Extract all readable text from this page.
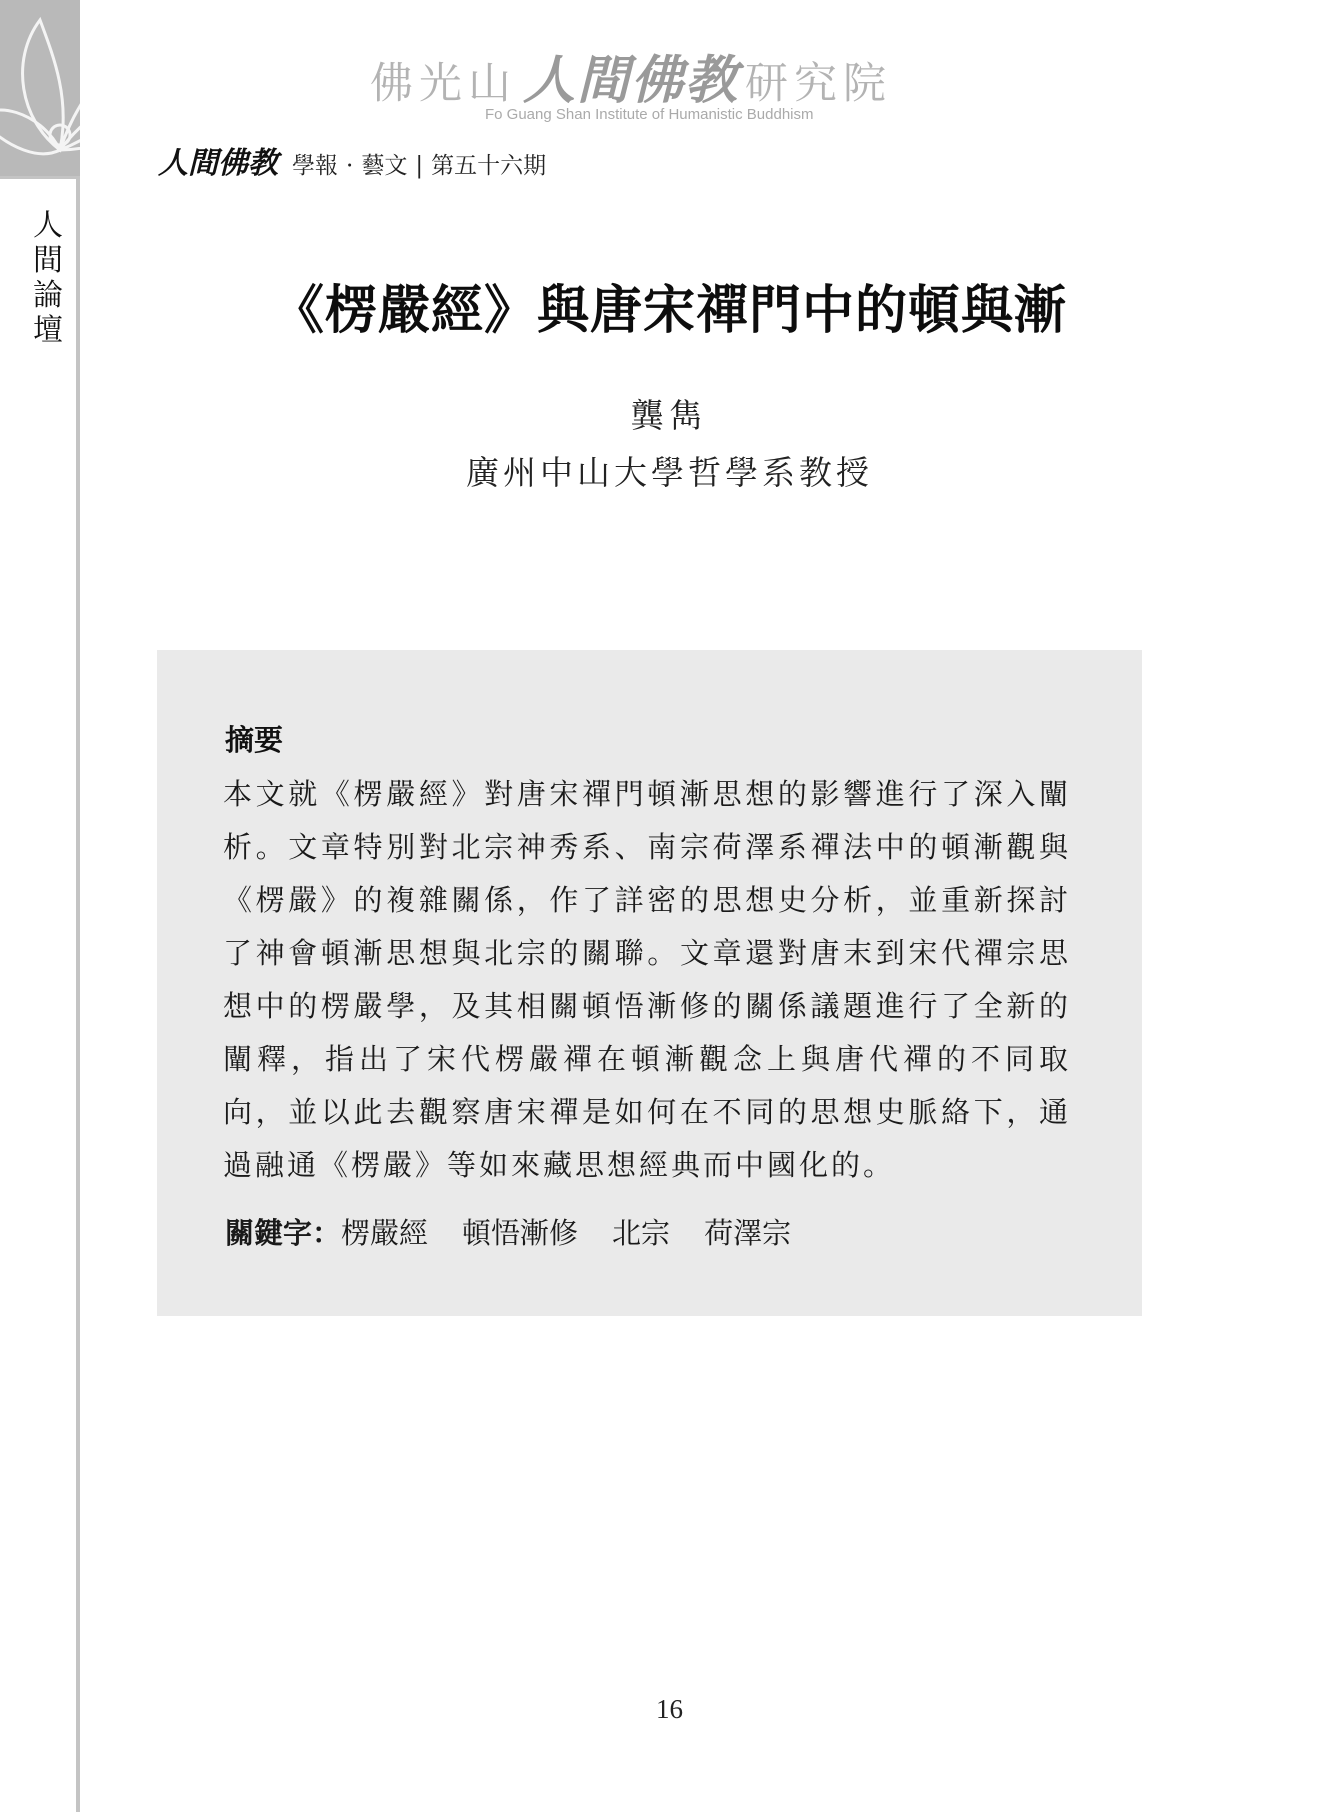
人
間
論
壇
佛光山 人間佛教 研究院
Fo Guang Shan Institute of Humanistic Buddhism
人間佛教 學報 · 藝文 | 第五十六期
《楞嚴經》與唐宋禪門中的頓與漸
龔雋
廣州中山大學哲學系教授
摘要

本文就《楞嚴經》對唐宋禪門頓漸思想的影響進行了深入闡析。文章特別對北宗神秀系、南宗荷澤系禪法中的頓漸觀與《楞嚴》的複雜關係，作了詳密的思想史分析，並重新探討了神會頓漸思想與北宗的關聯。文章還對唐末到宋代禪宗思想中的楞嚴學，及其相關頓悟漸修的關係議題進行了全新的闡釋，指出了宋代楞嚴禪在頓漸觀念上與唐代禪的不同取向，並以此去觀察唐宋禪是如何在不同的思想史脈絡下，通過融通《楞嚴》等如來藏思想經典而中國化的。

關鍵字：楞嚴經 頓悟漸修 北宗 荷澤宗
16
